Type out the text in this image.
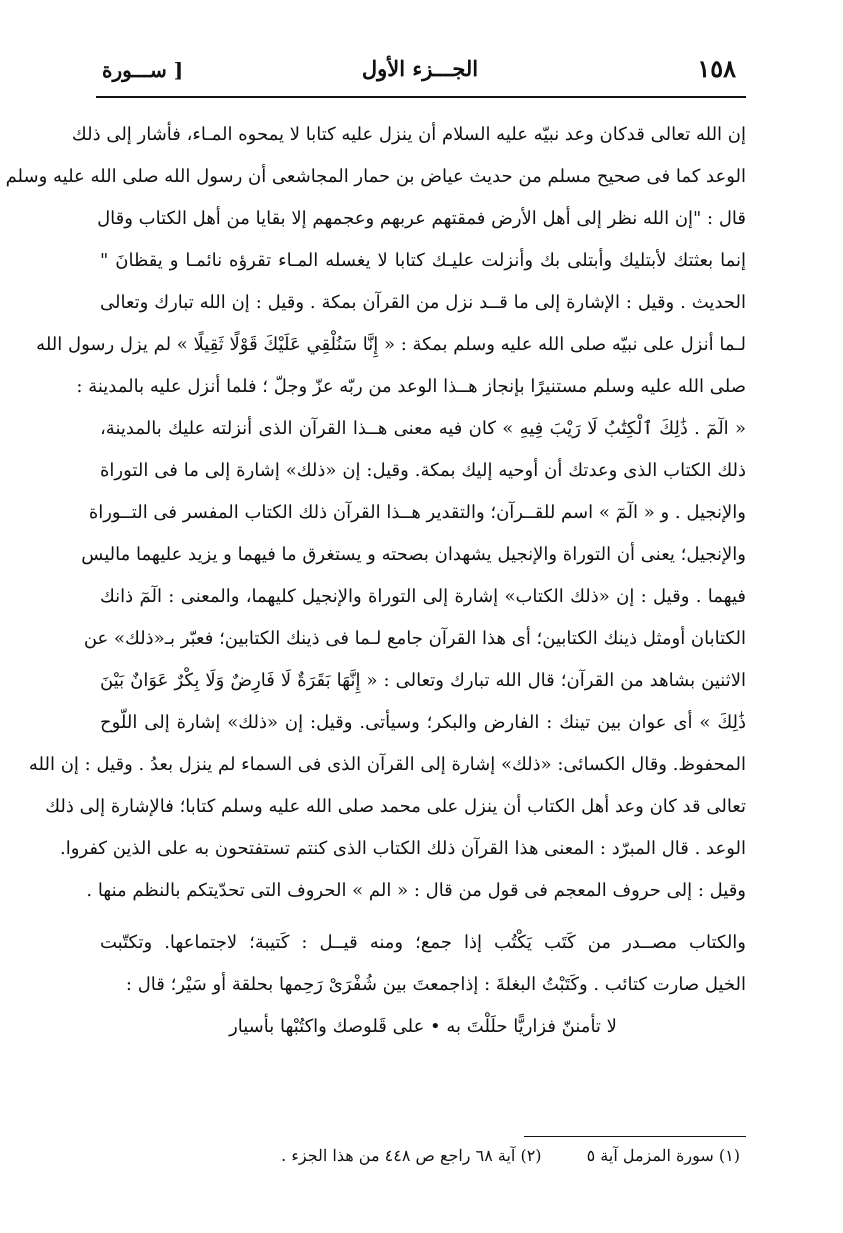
١٥٨
الجـــزء الأول
[ ســـورة
إن الله تعالى قدكان وعد نبيّه عليه السلام أن ينزل عليه كتابا لا يمحوه المـاء، فأشار إلى ذلك
الوعد كما فى صحيح مسلم من حديث عياض بن حمار المجاشعى أن رسول الله صلى الله عليه وسلم
قال : "إن الله نظر إلى أهل الأرض فمقتهم عربهم وعجمهم إلا بقايا من أهل الكتاب وقال
إنما بعثتك لأبتليك وأبتلى بك وأنزلت عليـك كتابا لا يغسله المـاء تقرؤه نائمـا و يقظانَ "
الحديث . وقيل : الإشارة إلى ما قــد نزل من القرآن بمكة . وقيل : إن الله تبارك وتعالى
لـما أنزل على نبيّه صلى الله عليه وسلم بمكة : « إِنَّا سَنُلْقِي عَلَيْكَ قَوْلًا ثَقِيلًا » لم يزل رسول الله
صلى الله عليه وسلم مستنيرًا بإنجاز هــذا الوعد من ربّه عزّ وجلّ ؛ فلما أنزل عليه بالمدينة :
« الٓمٓ . ذَٰلِكَ ٱلْكِتَٰبُ لَا رَيْبَ فِيهِ » كان فيه معنى هــذا القرآن الذى أنزلته عليك بالمدينة،
ذلك الكتاب الذى وعدتك أن أوحيه إليك بمكة. وقيل: إن «ذلك» إشارة إلى ما فى التوراة
والإنجيل . و « الٓمٓ » اسم للقــرآن؛ والتقدير هــذا القرآن ذلك الكتاب المفسر فى التــوراة
والإنجيل؛ يعنى أن التوراة والإنجيل يشهدان بصحته و يستغرق ما فيهما و يزيد عليهما ماليس
فيهما . وقيل : إن «ذلك الكتاب» إشارة إلى التوراة والإنجيل كليهما، والمعنى : الٓمٓ ذانك
الكتابان أومثل ذينك الكتابين؛ أى هذا القرآن جامع لـما فى ذينك الكتابين؛ فعبّر بـ«ذلك» عن
الاثنين بشاهد من القرآن؛ قال الله تبارك وتعالى : « إِنَّهَا بَقَرَةٌ لَا فَارِضٌ وَلَا بِكْرٌ عَوَانٌ بَيْنَ
ذَٰلِكَ » أى عوان بين تينك : الفارض والبكر؛ وسيأتى. وقيل: إن «ذلك» إشارة إلى اللّوح
المحفوظ. وقال الكسائى: «ذلك» إشارة إلى القرآن الذى فى السماء لم ينزل بعدُ . وقيل : إن الله
تعالى قد كان وعد أهل الكتاب أن ينزل على محمد صلى الله عليه وسلم كتابا؛ فالإشارة إلى ذلك
الوعد . قال المبرّد : المعنى هذا القرآن ذلك الكتاب الذى كنتم تستفتحون به على الذين كفروا.
وقيل : إلى حروف المعجم فى قول من قال : « الم » الحروف التى تحدّيتكم بالنظم منها .
والكتاب مصــدر من كَتَب يَكْتُب إذا جمع؛ ومنه قيــل : كَتيبة؛ لاجتماعها. وتكتّبت
الخيل صارت كتائب . وكَتَبْتُ البغلةَ : إذاجمعتَ بين شُفْرَىْ رَحِمها بحلقة أو سَيْر؛ قال :
لا تأمننّ فزاريًّا حلَلْتَ به • على قَلوصك واكتُبْها بأسيار
(١) سورة المزمل آية ٥ (٢) آية ٦٨ راجع ص ٤٤٨ من هذا الجزء .
